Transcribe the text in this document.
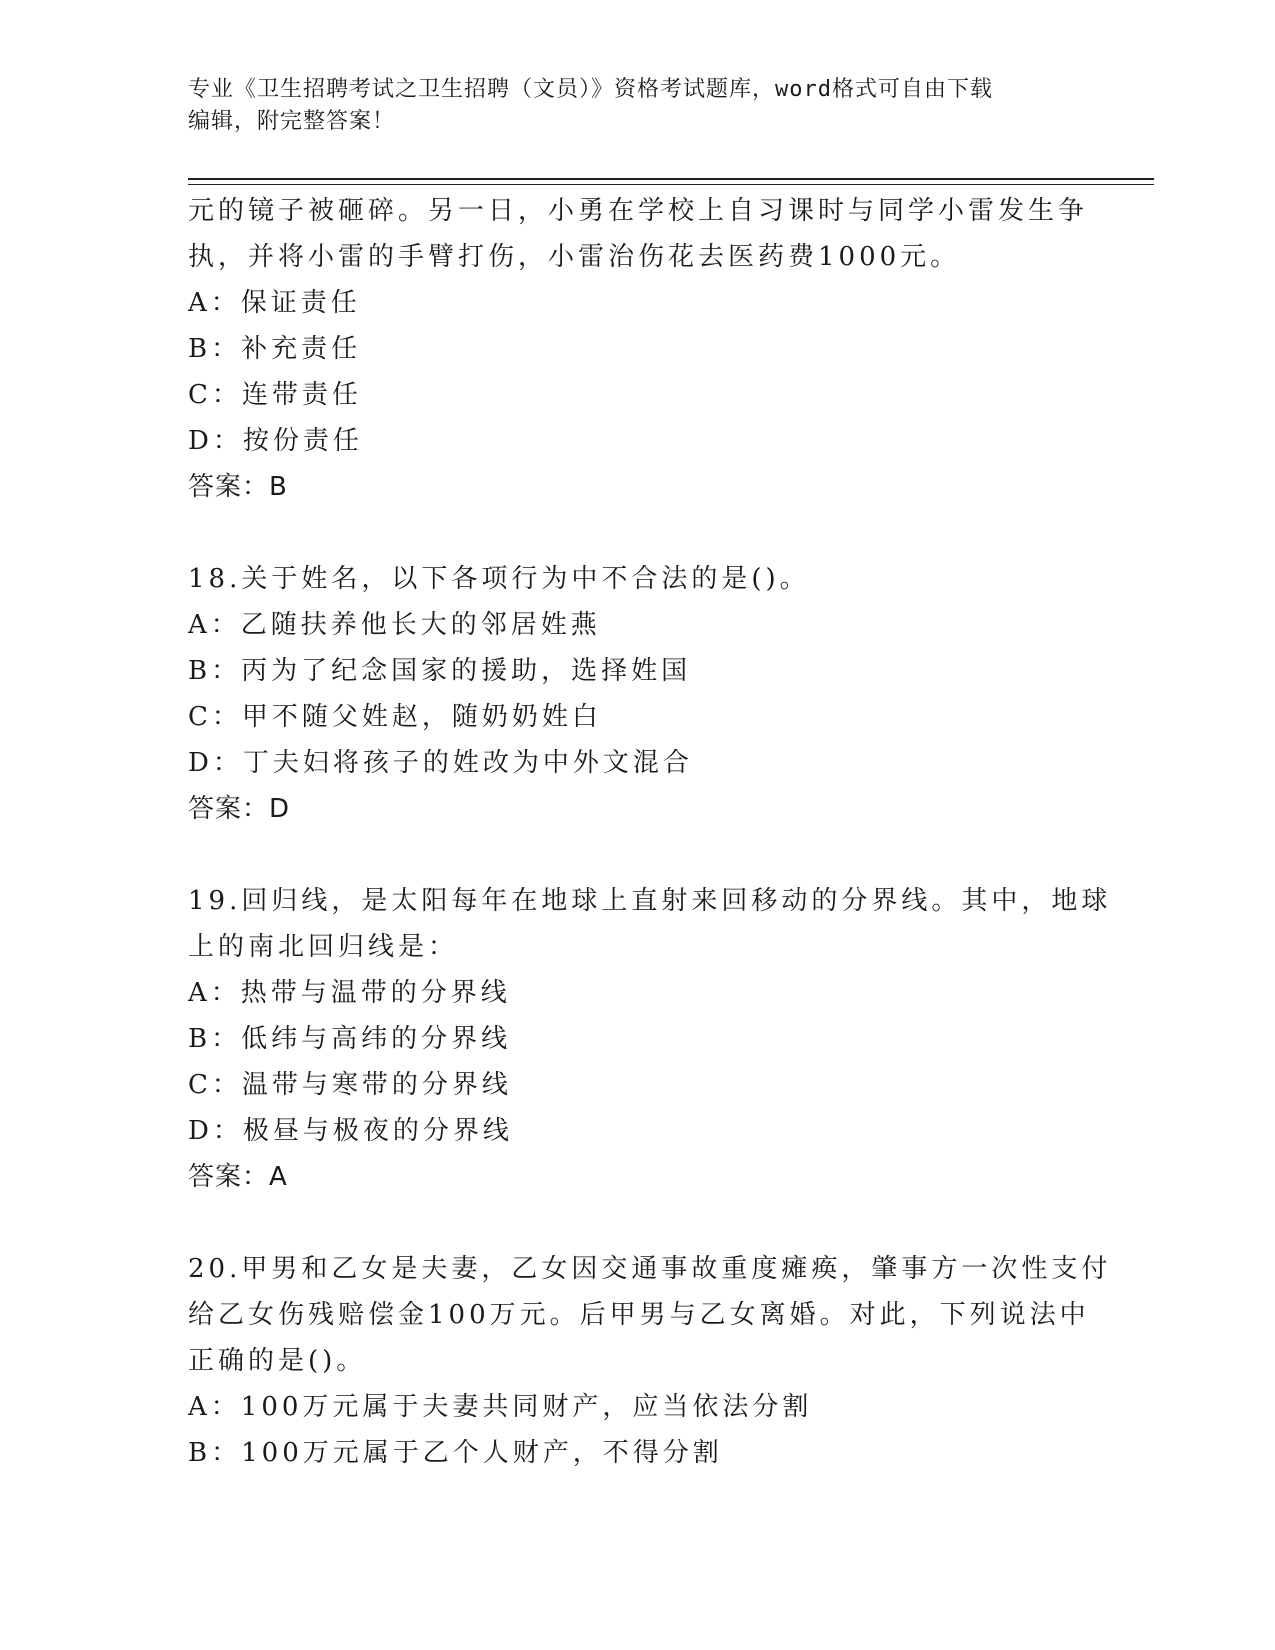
专业《卫生招聘考试之卫生招聘（文员）》资格考试题库，word格式可自由下载
编辑，附完整答案！
元的镜子被砸碎。另一日，小勇在学校上自习课时与同学小雷发生争
执，并将小雷的手臂打伤，小雷治伤花去医药费1000元。
A：保证责任
B：补充责任
C：连带责任
D：按份责任
答案：B
18.关于姓名，以下各项行为中不合法的是()。
A：乙随扶养他长大的邻居姓燕
B：丙为了纪念国家的援助，选择姓国
C：甲不随父姓赵，随奶奶姓白
D：丁夫妇将孩子的姓改为中外文混合
答案：D
19.回归线，是太阳每年在地球上直射来回移动的分界线。其中，地球
上的南北回归线是：
A：热带与温带的分界线
B：低纬与高纬的分界线
C：温带与寒带的分界线
D：极昼与极夜的分界线
答案：A
20.甲男和乙女是夫妻，乙女因交通事故重度瘫痪，肇事方一次性支付
给乙女伤残赔偿金100万元。后甲男与乙女离婚。对此，下列说法中
正确的是()。
A：100万元属于夫妻共同财产，应当依法分割
B：100万元属于乙个人财产，不得分割
